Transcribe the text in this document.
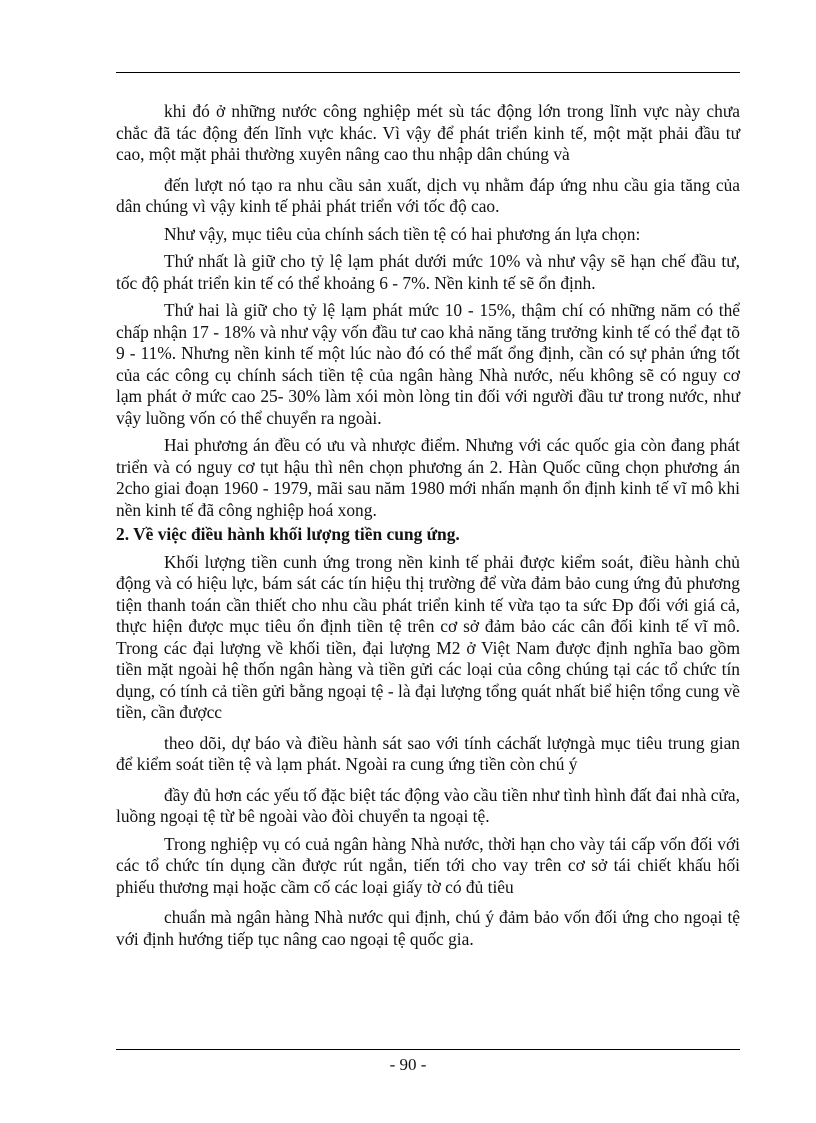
khi đó ở những nước công nghiệp mét sù tác động lớn trong lĩnh vực này chưa chắc đã tác động đến lĩnh vực khác. Vì vậy để phát triển kinh tế, một mặt phải đầu tư cao, một mặt phải thường xuyên nâng cao thu nhập dân chúng và

đến lượt nó tạo ra nhu cầu sản xuất, dịch vụ nhằm đáp ứng nhu cầu gia tăng của dân chúng vì vậy kinh tế phải phát triển với tốc độ cao.

Như vậy, mục tiêu của chính sách tiền tệ có hai phương án lựa chọn:

Thứ nhất là giữ cho tỷ lệ lạm phát dưới mức 10% và như vậy sẽ hạn chế đầu tư, tốc độ phát triển kin tế có thể khoảng 6 - 7%. Nền kinh tế sẽ ổn định.

Thứ hai là giữ cho tỷ lệ lạm phát mức 10 - 15%, thậm chí có những năm có thể chấp nhận 17 - 18% và như vậy vốn đầu tư cao khả năng tăng trưởng kinh tế có thể đạt tõ 9 - 11%. Nhưng nền kinh tế một lúc nào đó có thể mất ổng định, cần có sự phản ứng tốt của các công cụ chính sách tiền tệ của ngân hàng Nhà nước, nếu không sẽ có nguy cơ lạm phát ở mức cao 25- 30% làm xói mòn lòng tin đối với người đầu tư trong nước, như vậy luồng vốn có thể chuyển ra ngoài.

Hai phương án đều có ưu và nhược điểm. Nhưng với các quốc gia còn đang phát triển và có nguy cơ tụt hậu thì nên chọn phương án 2. Hàn Quốc cũng chọn phương án 2cho giai đoạn 1960 - 1979, mãi sau năm 1980 mới nhấn mạnh ổn định kinh tế vĩ mô khi nền kinh tế đã công nghiệp hoá xong.

2. Về việc điều hành khối lượng tiền cung ứng.

Khối lượng tiền cunh ứng trong nền kinh tế phải được kiểm soát, điều hành chủ động và có hiệu lực, bám sát các tín hiệu thị trường để vừa đảm bảo cung ứng đủ phương tiện thanh toán cần thiết cho nhu cầu phát triển kinh tế vừa tạo ta sức Đp đối với giá cả, thực hiện được mục tiêu ổn định tiền tệ trên cơ sở đảm bảo các cân đối kinh tế vĩ mô. Trong các đại lượng về khối tiền, đại lượng M2 ở Việt Nam được định nghĩa bao gồm tiền mặt ngoài hệ thốn ngân hàng và tiền gửi các loại của công chúng tại các tổ chức tín dụng, có tính cả tiền gửi bằng ngoại tệ - là đại lượng tổng quát nhất biể hiện tổng cung về tiền, cần đượcc

theo dõi, dự báo và điều hành sát sao với tính cáchất lượngà mục tiêu trung gian để kiểm soát tiền tệ và lạm phát. Ngoài ra cung ứng tiền còn chú ý

đầy đủ hơn các yếu tố đặc biệt tác động vào cầu tiền như tình hình đất đai nhà cửa, luồng ngoại tệ từ bê ngoài vào đòi chuyển ta ngoại tệ.

Trong nghiệp vụ có cuả ngân hàng Nhà nước, thời hạn cho vày tái cấp vốn đối với các tổ chức tín dụng cần được rút ngắn, tiến tới cho vay trên cơ sở tái chiết khấu hối phiếu thương mại hoặc cầm cố các loại giấy tờ có đủ tiêu

chuẩn mà ngân hàng Nhà nước qui định, chú ý đảm bảo vốn đối ứng cho ngoại tệ với định hướng tiếp tục nâng cao ngoại tệ quốc gia.

- 90 -
